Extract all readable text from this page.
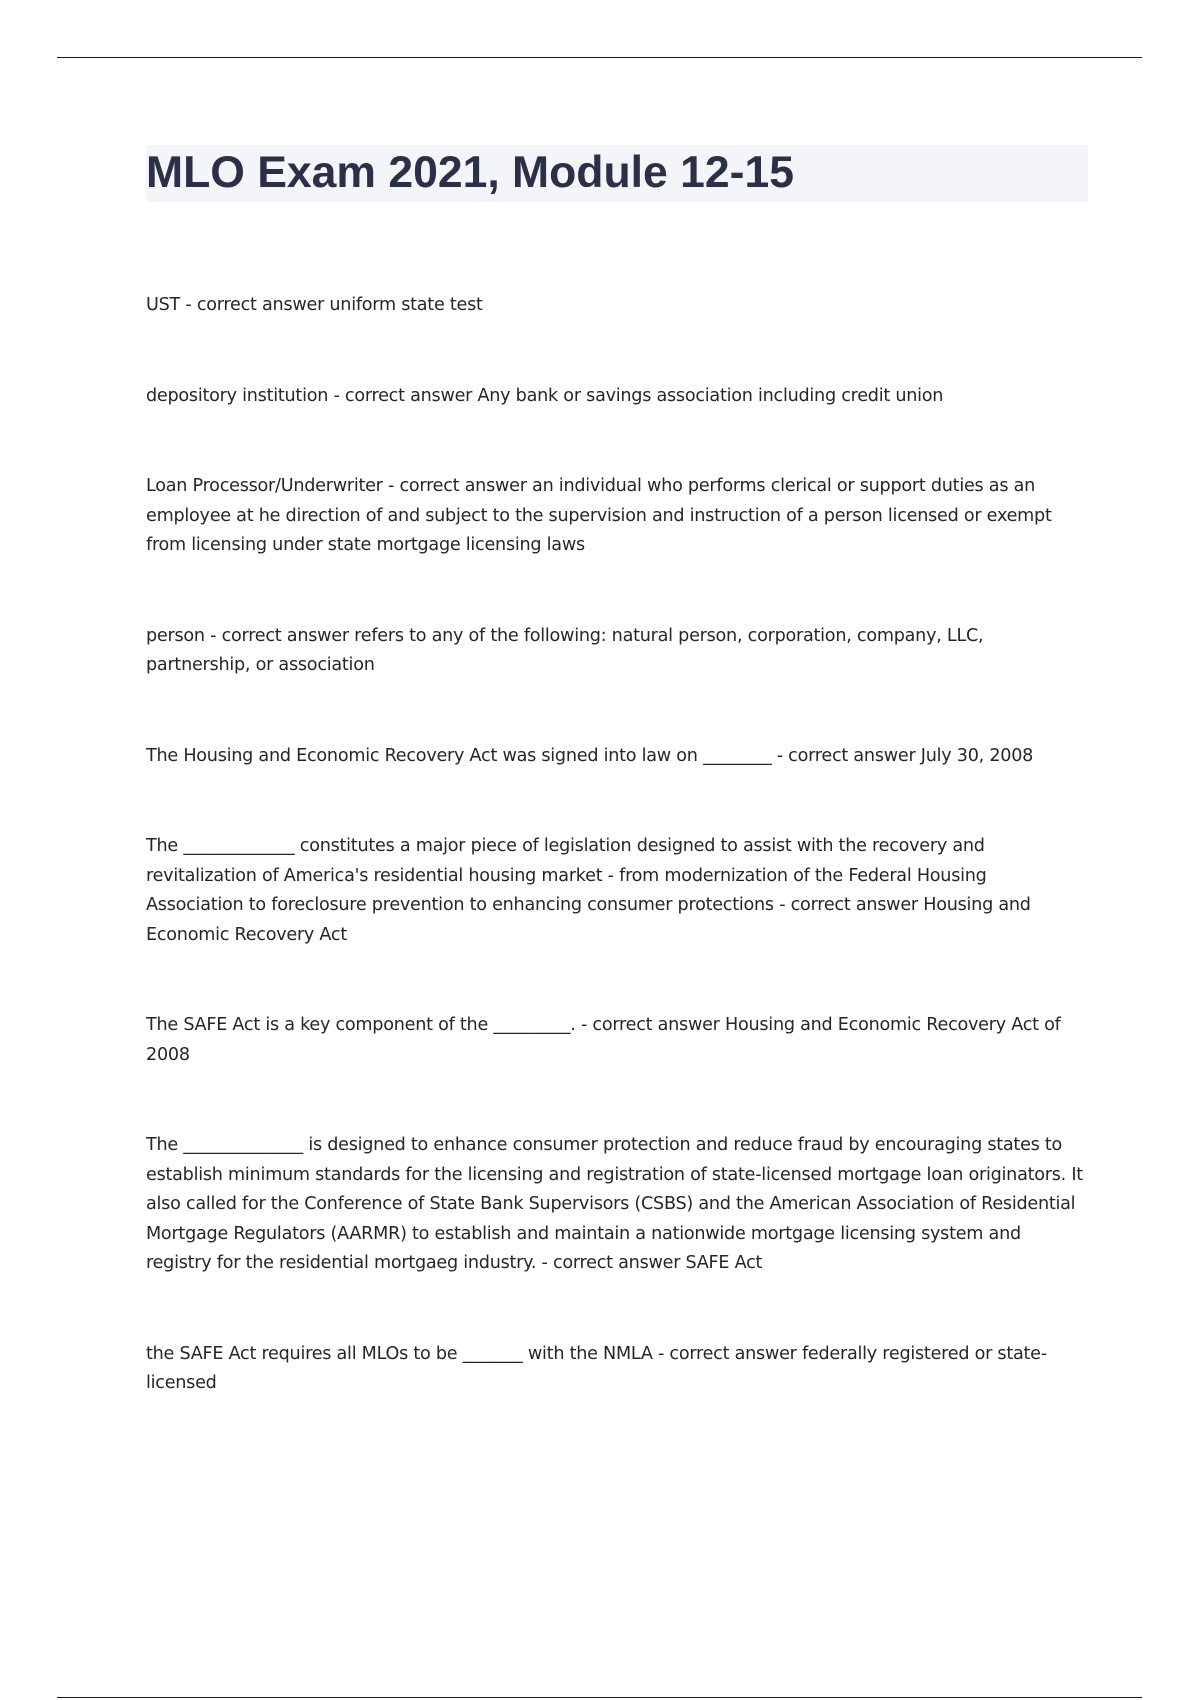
MLO Exam 2021, Module 12-15

UST - correct answer uniform state test

depository institution - correct answer Any bank or savings association including credit union

Loan Processor/Underwriter - correct answer an individual who performs clerical or support duties as an employee at he direction of and subject to the supervision and instruction of a person licensed or exempt from licensing under state mortgage licensing laws

person - correct answer refers to any of the following: natural person, corporation, company, LLC, partnership, or association

The Housing and Economic Recovery Act was signed into law on ________ - correct answer July 30, 2008

The _____________ constitutes a major piece of legislation designed to assist with the recovery and revitalization of America's residential housing market - from modernization of the Federal Housing Association to foreclosure prevention to enhancing consumer protections - correct answer Housing and Economic Recovery Act

The SAFE Act is a key component of the _________. - correct answer Housing and Economic Recovery Act of 2008

The ______________ is designed to enhance consumer protection and reduce fraud by encouraging states to establish minimum standards for the licensing and registration of state-licensed mortgage loan originators. It also called for the Conference of State Bank Supervisors (CSBS) and the American Association of Residential Mortgage Regulators (AARMR) to establish and maintain a nationwide mortgage licensing system and registry for the residential mortgaeg industry. - correct answer SAFE Act

the SAFE Act requires all MLOs to be _______ with the NMLA - correct answer federally registered or state-licensed
